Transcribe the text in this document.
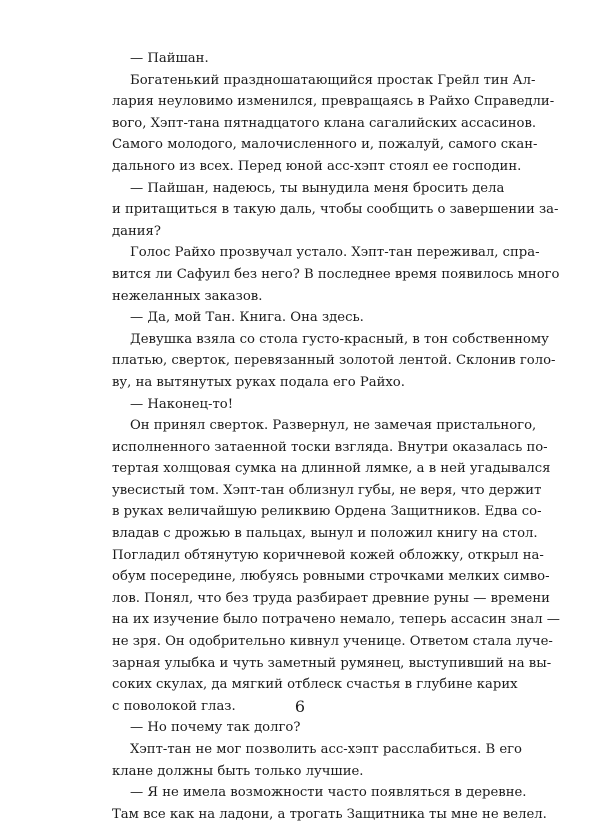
— Пайшан.
Богатенький праздношатающийся простак Грейл тин Ал-
лария неуловимо изменился, превращаясь в Райхо Справедли-
вого, Хэпт-тана пятнадцатого клана сагалийских ассасинов.
Самого молодого, малочисленного и, пожалуй, самого скан-
дального из всех. Перед юной асс-хэпт стоял ее господин.
— Пайшан, надеюсь, ты вынудила меня бросить дела
и притащиться в такую даль, чтобы сообщить о завершении за-
дания?
Голос Райхо прозвучал устало. Хэпт-тан переживал, спра-
вится ли Сафуил без него? В последнее время появилось много
нежеланных заказов.
— Да, мой Тан. Книга. Она здесь.
Девушка взяла со стола густо-красный, в тон собственному
платью, сверток, перевязанный золотой лентой. Склонив голо-
ву, на вытянутых руках подала его Райхо.
— Наконец-то!
Он принял сверток. Развернул, не замечая пристального,
исполненного затаенной тоски взгляда. Внутри оказалась по-
тертая холщовая сумка на длинной лямке, а в ней угадывался
увесистый том. Хэпт-тан облизнул губы, не веря, что держит
в руках величайшую реликвию Ордена Защитников. Едва со-
владав с дрожью в пальцах, вынул и положил книгу на стол.
Погладил обтянутую коричневой кожей обложку, открыл на-
обум посередине, любуясь ровными строчками мелких симво-
лов. Понял, что без труда разбирает древние руны — времени
на их изучение было потрачено немало, теперь ассасин знал —
не зря. Он одобрительно кивнул ученице. Ответом стала луче-
зарная улыбка и чуть заметный румянец, выступивший на вы-
соких скулах, да мягкий отблеск счастья в глубине карих
с поволокой глаз.
— Но почему так долго?
Хэпт-тан не мог позволить асс-хэпт расслабиться. В его
клане должны быть только лучшие.
— Я не имела возможности часто появляться в деревне.
Там все как на ладони, а трогать Защитника ты мне не велел.
6
